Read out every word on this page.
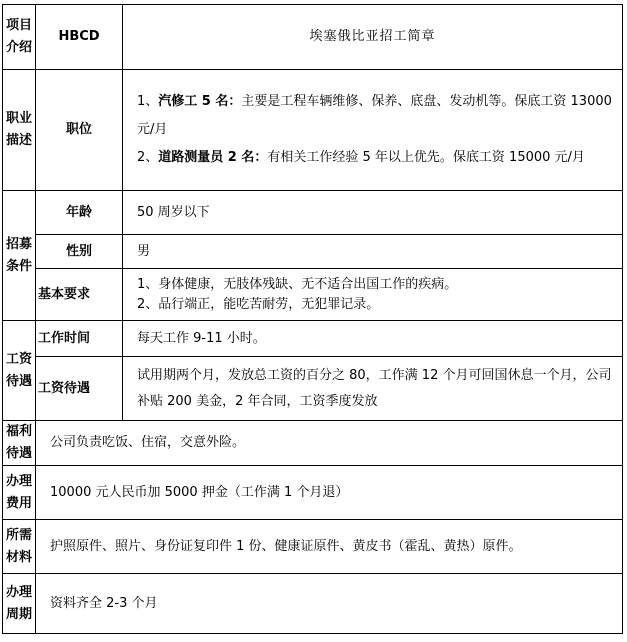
项目介绍	HBCD	埃塞俄比亚招工简章
职业描述	职位	1、汽修工 5 名：主要是工程车辆维修、保养、底盘、发动机等。保底工资 13000 元/月
2、道路测量员 2 名：有相关工作经验 5 年以上优先。保底工资 15000 元/月

招募条件	年龄	50 周岁以下
	性别	男
	基本要求	1、身体健康，无肢体残缺、无不适合出国工作的疾病。
2、品行端正，能吃苦耐劳，无犯罪记录。

工资待遇	工作时间	每天工作 9-11 小时。
	工资待遇	试用期两个月，发放总工资的百分之 80，工作满 12 个月可回国休息一个月，公司补贴 200 美金，2 年合同，工资季度发放
福利待遇	公司负责吃饭、住宿，交意外险。	
办理费用	10000 元人民币加 5000 押金（工作满 1 个月退）	
所需材料	护照原件、照片、身份证复印件 1 份、健康证原件、黄皮书（霍乱、黄热）原件。	
办理周期	资料齐全 2-3 个月	
